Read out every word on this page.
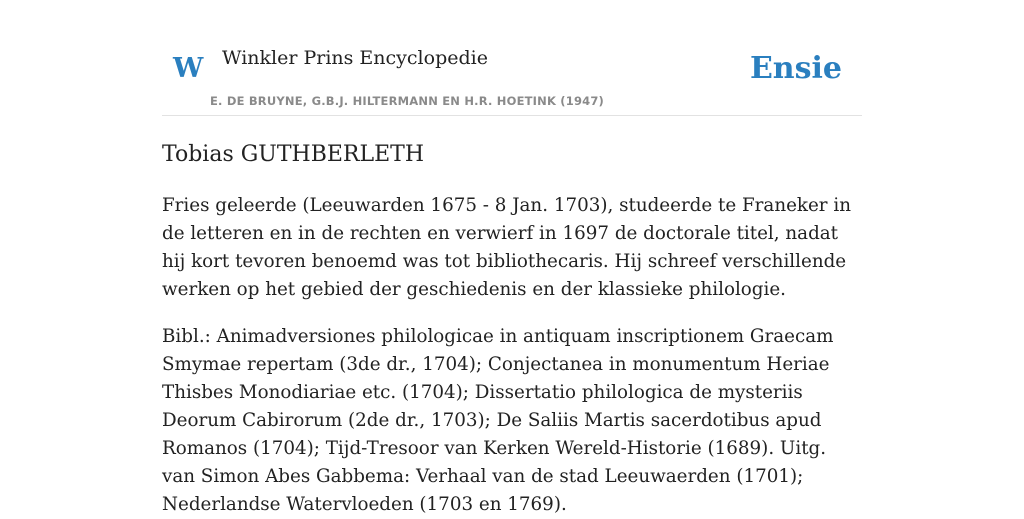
W Winkler Prins Encyclopedie
E. DE BRUYNE, G.B.J. HILTERMANN EN H.R. HOETINK (1947)
Ensie
Tobias GUTHBERLETH

Fries geleerde (Leeuwarden 1675 - 8 Jan. 1703), studeerde te Franeker in de letteren en in de rechten en verwierf in 1697 de doctorale titel, nadat hij kort tevoren benoemd was tot bibliothecaris. Hij schreef verschillende werken op het gebied der geschiedenis en der klassieke philologie.

Bibl.: Animadversiones philologicae in antiquam inscriptionem Graecam Smymae repertam (3de dr., 1704); Conjectanea in monumentum Heriae Thisbes Monodiariae etc. (1704); Dissertatio philologica de mysteriis Deorum Cabirorum (2de dr., 1703); De Saliis Martis sacerdotibus apud Romanos (1704); Tijd-Tresoor van Kerken Wereld-Historie (1689). Uitg. van Simon Abes Gabbema: Verhaal van de stad Leeuwaerden (1701); Nederlandse Watervloeden (1703 en 1769).
